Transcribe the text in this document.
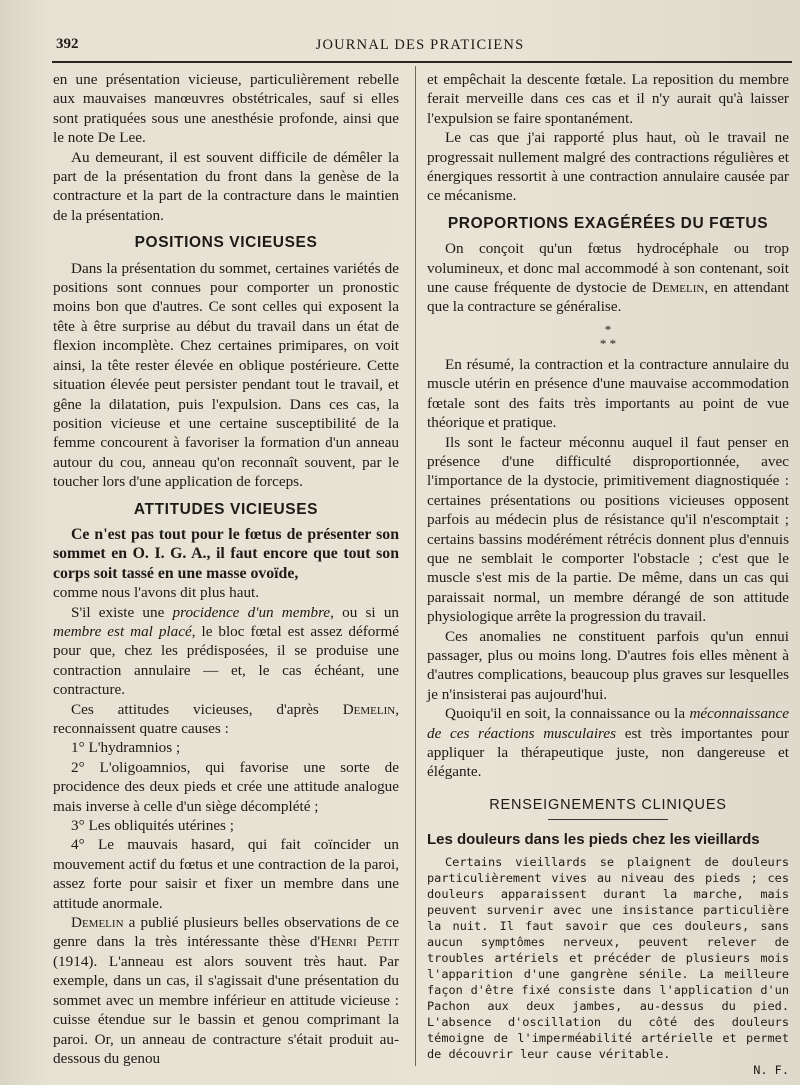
392	JOURNAL DES PRATICIENS

en une présentation vicieuse, particulièrement rebelle aux mauvaises manœuvres obstétricales, sauf si elles sont pratiquées sous une anesthésie profonde, ainsi que le note De Lee.

Au demeurant, il est souvent difficile de démêler la part de la présentation du front dans la genèse de la contracture et la part de la contracture dans le maintien de la présentation.

POSITIONS VICIEUSES

Dans la présentation du sommet, certaines variétés de positions sont connues pour comporter un pronostic moins bon que d'autres. Ce sont celles qui exposent la tête à être surprise au début du travail dans un état de flexion incomplète. Chez certaines primipares, on voit ainsi, la tête rester élevée en oblique postérieure. Cette situation élevée peut persister pendant tout le travail, et gêne la dilatation, puis l'expulsion. Dans ces cas, la position vicieuse et une certaine susceptibilité de la femme concourent à favoriser la formation d'un anneau autour du cou, anneau qu'on reconnaît souvent, par le toucher lors d'une application de forceps.

ATTITUDES VICIEUSES

Ce n'est pas tout pour le fœtus de présenter son sommet en O. I. G. A., il faut encore que tout son corps soit tassé en une masse ovoïde,

comme nous l'avons dit plus haut.

S'il existe une procidence d'un membre, ou si un membre est mal placé, le bloc fœtal est assez déformé pour que, chez les prédisposées, il se produise une contraction annulaire — et, le cas échéant, une contracture.

Ces attitudes vicieuses, d'après Demelin, reconnaissent quatre causes :

1° L'hydramnios ;

2° L'oligoamnios, qui favorise une sorte de procidence des deux pieds et crée une attitude analogue mais inverse à celle d'un siège décomplété ;

3° Les obliquités utérines ;

4° Le mauvais hasard, qui fait coïncider un mouvement actif du fœtus et une contraction de la paroi, assez forte pour saisir et fixer un membre dans une attitude anormale.

Demelin a publié plusieurs belles observations de ce genre dans la très intéressante thèse d'Henri Petit (1914). L'anneau est alors souvent très haut. Par exemple, dans un cas, il s'agissait d'une présentation du sommet avec un membre inférieur en attitude vicieuse : cuisse étendue sur le bassin et genou comprimant la paroi. Or, un anneau de contracture s'était produit au-dessous du genou

et empêchait la descente fœtale. La reposition du membre ferait merveille dans ces cas et il n'y aurait qu'à laisser l'expulsion se faire spontanément.

Le cas que j'ai rapporté plus haut, où le travail ne progressait nullement malgré des contractions régulières et énergiques ressortit à une contraction annulaire causée par ce mécanisme.

PROPORTIONS EXAGÉRÉES DU FŒTUS

On conçoit qu'un fœtus hydrocéphale ou trop volumineux, et donc mal accommodé à son contenant, soit une cause fréquente de dystocie de Demelin, en attendant que la contracture se généralise.

*
* *

En résumé, la contraction et la contracture annulaire du muscle utérin en présence d'une mauvaise accommodation fœtale sont des faits très importants au point de vue théorique et pratique.

Ils sont le facteur méconnu auquel il faut penser en présence d'une difficulté disproportionnée, avec l'importance de la dystocie, primitivement diagnostiquée : certaines présentations ou positions vicieuses opposent parfois au médecin plus de résistance qu'il n'escomptait ; certains bassins modérément rétrécis donnent plus d'ennuis que ne semblait le comporter l'obstacle ; c'est que le muscle s'est mis de la partie. De même, dans un cas qui paraissait normal, un membre dérangé de son attitude physiologique arrête la progression du travail.

Ces anomalies ne constituent parfois qu'un ennui passager, plus ou moins long. D'autres fois elles mènent à d'autres complications, beaucoup plus graves sur lesquelles je n'insisterai pas aujourd'hui.

Quoiqu'il en soit, la connaissance ou la méconnaissance de ces réactions musculaires est très importantes pour appliquer la thérapeutique juste, non dangereuse et élégante.

RENSEIGNEMENTS CLINIQUES
Les douleurs dans les pieds chez les vieillards

Certains vieillards se plaignent de douleurs particulièrement vives au niveau des pieds ; ces douleurs apparaissent durant la marche, mais peuvent survenir avec une insistance particulière la nuit. Il faut savoir que ces douleurs, sans aucun symptômes nerveux, peuvent relever de troubles artériels et précéder de plusieurs mois l'apparition d'une gangrène sénile. La meilleure façon d'être fixé consiste dans l'application d'un Pachon aux deux jambes, au-dessus du pied. L'absence d'oscillation du côté des douleurs témoigne de l'imperméabilité artérielle et permet de découvrir leur cause véritable.

N. F.
